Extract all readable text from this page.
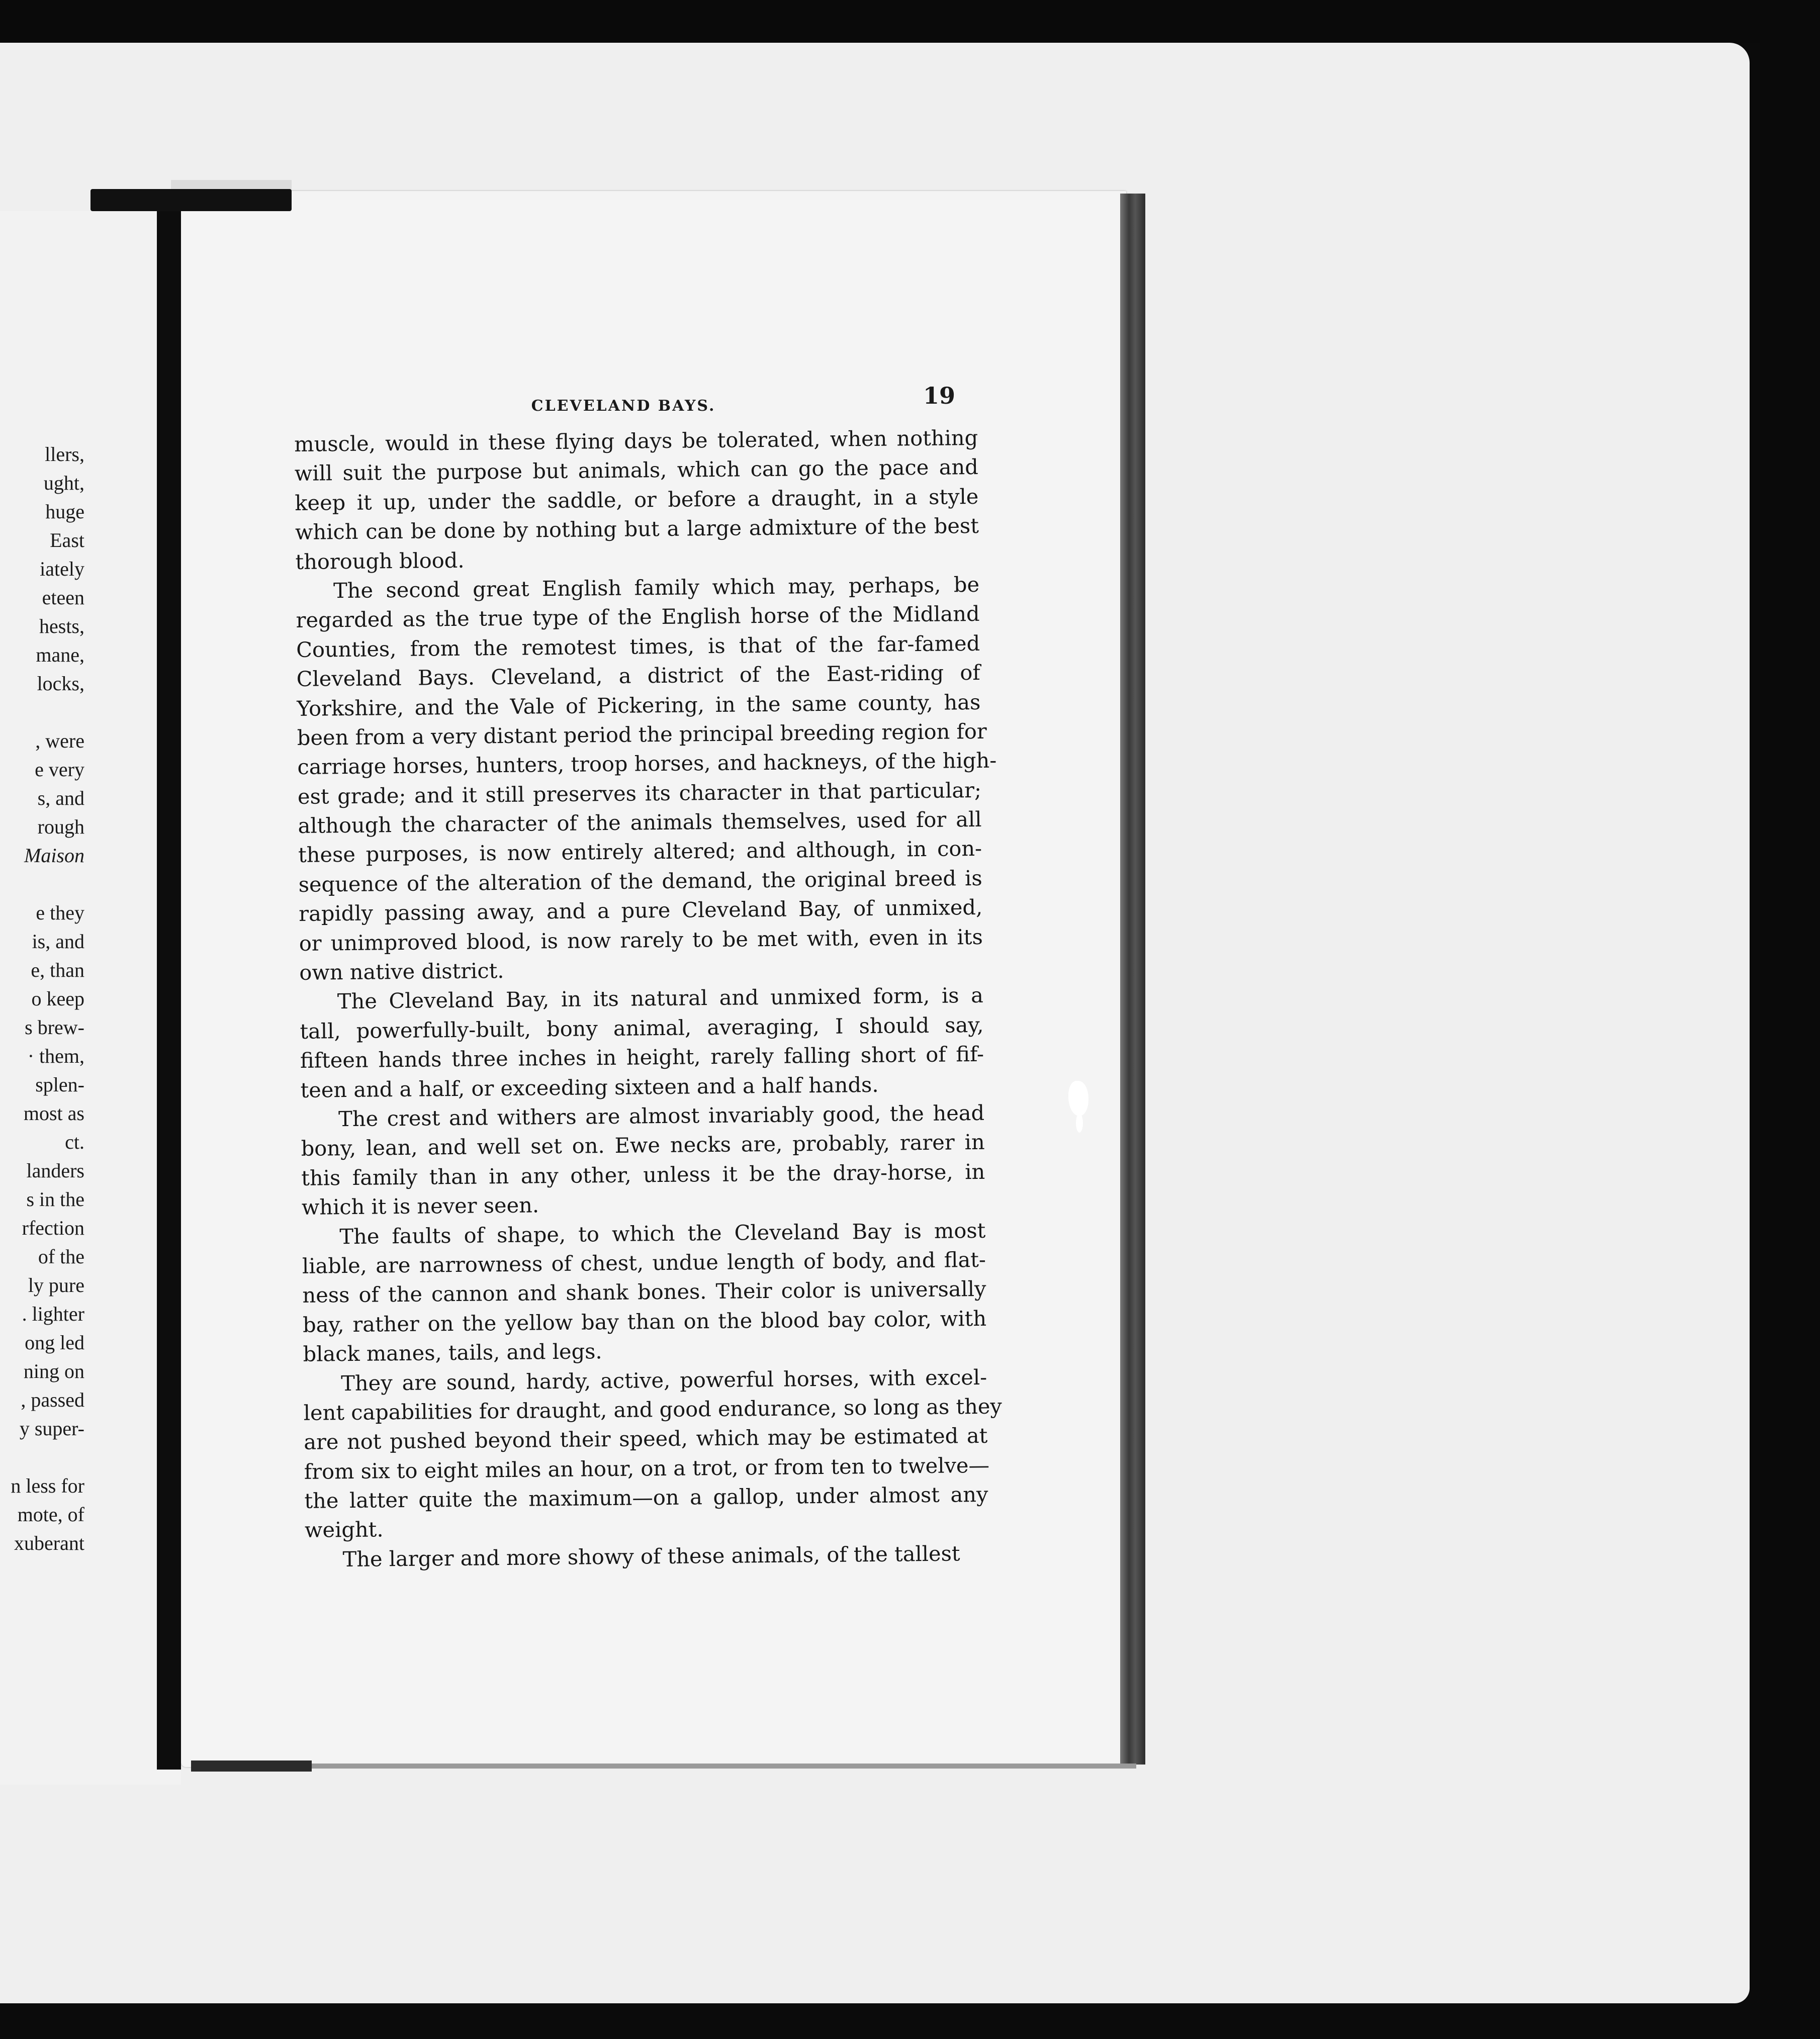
llers,
ught,
huge
East
iately
eteen
hests,
mane,
locks,
, were
e very
s, and
rough
Maison
e they
is, and
e, than
o keep
s brew-
· them,
splen-
most as
ct.
landers
s in the
rfection
of the
ly pure
. lighter
ong led
ning on
, passed
y super-
n less for
mote, of
xuberant
CLEVELAND BAYS.	19

muscle, would in these flying days be tolerated, when nothing
will suit the purpose but animals, which can go the pace and
keep it up, under the saddle, or before a draught, in a style
which can be done by nothing but a large admixture of the best
thorough blood.

The second great English family which may, perhaps, be
regarded as the true type of the English horse of the Midland
Counties, from the remotest times, is that of the far-famed
Cleveland Bays. Cleveland, a district of the East-riding of
Yorkshire, and the Vale of Pickering, in the same county, has
been from a very distant period the principal breeding region for
carriage horses, hunters, troop horses, and hackneys, of the high-
est grade; and it still preserves its character in that particular;
although the character of the animals themselves, used for all
these purposes, is now entirely altered; and although, in con-
sequence of the alteration of the demand, the original breed is
rapidly passing away, and a pure Cleveland Bay, of unmixed,
or unimproved blood, is now rarely to be met with, even in its
own native district.

The Cleveland Bay, in its natural and unmixed form, is a
tall, powerfully-built, bony animal, averaging, I should say,
fifteen hands three inches in height, rarely falling short of fif-
teen and a half, or exceeding sixteen and a half hands.

The crest and withers are almost invariably good, the head
bony, lean, and well set on. Ewe necks are, probably, rarer in
this family than in any other, unless it be the dray-horse, in
which it is never seen.

The faults of shape, to which the Cleveland Bay is most
liable, are narrowness of chest, undue length of body, and flat-
ness of the cannon and shank bones. Their color is universally
bay, rather on the yellow bay than on the blood bay color, with
black manes, tails, and legs.

They are sound, hardy, active, powerful horses, with excel-
lent capabilities for draught, and good endurance, so long as they
are not pushed beyond their speed, which may be estimated at
from six to eight miles an hour, on a trot, or from ten to twelve—
the latter quite the maximum—on a gallop, under almost any
weight.

The larger and more showy of these animals, of the tallest
